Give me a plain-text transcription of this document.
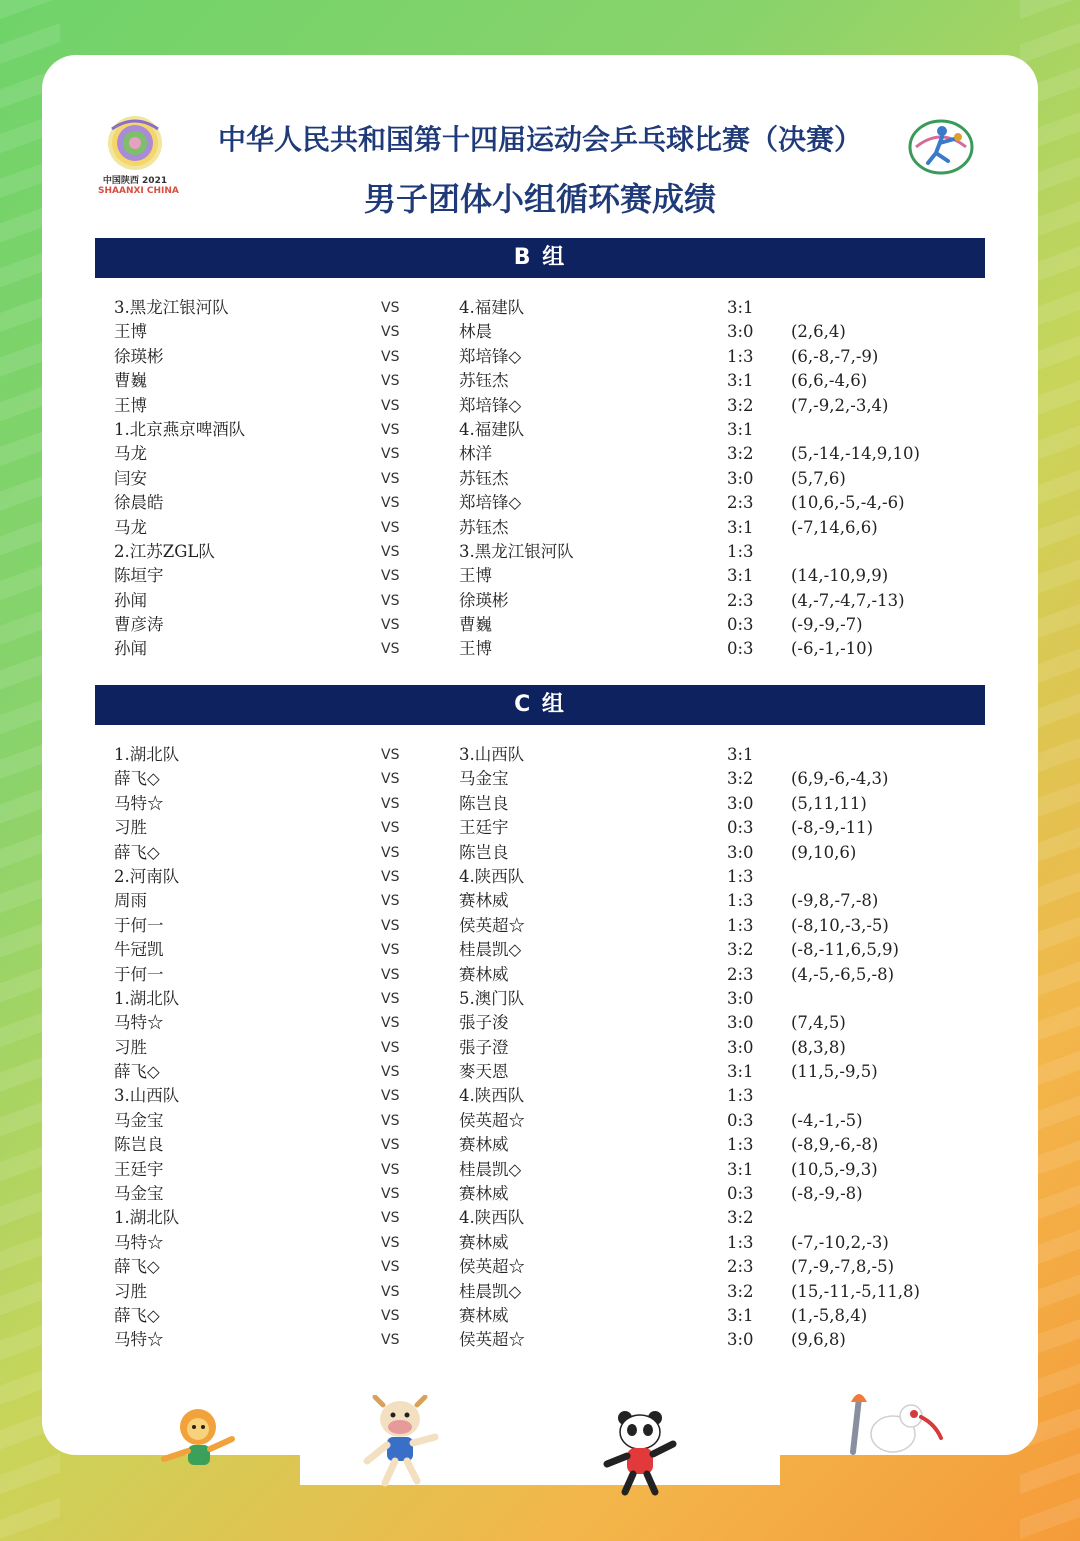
中国陕西 2021
SHAANXI CHINA
中华人民共和国第十四届运动会乒乓球比赛（决赛）
男子团体小组循环赛成绩
B 组
3.黑龙江银河队	VS	4.福建队	3:1
王博	VS	林晨	3:0 (2,6,4)
徐瑛彬	VS	郑培锋◇	1:3 (6,-8,-7,-9)
曹巍	VS	苏钰杰	3:1 (6,6,-4,6)
王博	VS	郑培锋◇	3:2 (7,-9,2,-3,4)
1.北京燕京啤酒队	VS	4.福建队	3:1
马龙	VS	林洋	3:2 (5,-14,-14,9,10)
闫安	VS	苏钰杰	3:0 (5,7,6)
徐晨皓	VS	郑培锋◇	2:3 (10,6,-5,-4,-6)
马龙	VS	苏钰杰	3:1 (-7,14,6,6)
2.江苏ZGL队	VS	3.黑龙江银河队	1:3
陈垣宇	VS	王博	3:1 (14,-10,9,9)
孙闻	VS	徐瑛彬	2:3 (4,-7,-4,7,-13)
曹彦涛	VS	曹巍	0:3 (-9,-9,-7)
孙闻	VS	王博	0:3 (-6,-1,-10)
C 组
1.湖北队	VS	3.山西队	3:1
薛飞◇	VS	马金宝	3:2 (6,9,-6,-4,3)
马特☆	VS	陈岂良	3:0 (5,11,11)
习胜	VS	王廷宇	0:3 (-8,-9,-11)
薛飞◇	VS	陈岂良	3:0 (9,10,6)
2.河南队	VS	4.陕西队	1:3
周雨	VS	赛林威	1:3 (-9,8,-7,-8)
于何一	VS	侯英超☆	1:3 (-8,10,-3,-5)
牛冠凯	VS	桂晨凯◇	3:2 (-8,-11,6,5,9)
于何一	VS	赛林威	2:3 (4,-5,-6,5,-8)
1.湖北队	VS	5.澳门队	3:0
马特☆	VS	張子浚	3:0 (7,4,5)
习胜	VS	張子澄	3:0 (8,3,8)
薛飞◇	VS	麥天恩	3:1 (11,5,-9,5)
3.山西队	VS	4.陕西队	1:3
马金宝	VS	侯英超☆	0:3 (-4,-1,-5)
陈岂良	VS	赛林威	1:3 (-8,9,-6,-8)
王廷宇	VS	桂晨凯◇	3:1 (10,5,-9,3)
马金宝	VS	赛林威	0:3 (-8,-9,-8)
1.湖北队	VS	4.陕西队	3:2
马特☆	VS	赛林威	1:3 (-7,-10,2,-3)
薛飞◇	VS	侯英超☆	2:3 (7,-9,-7,8,-5)
习胜	VS	桂晨凯◇	3:2 (15,-11,-5,11,8)
薛飞◇	VS	赛林威	3:1 (1,-5,8,4)
马特☆	VS	侯英超☆	3:0 (9,6,8)
